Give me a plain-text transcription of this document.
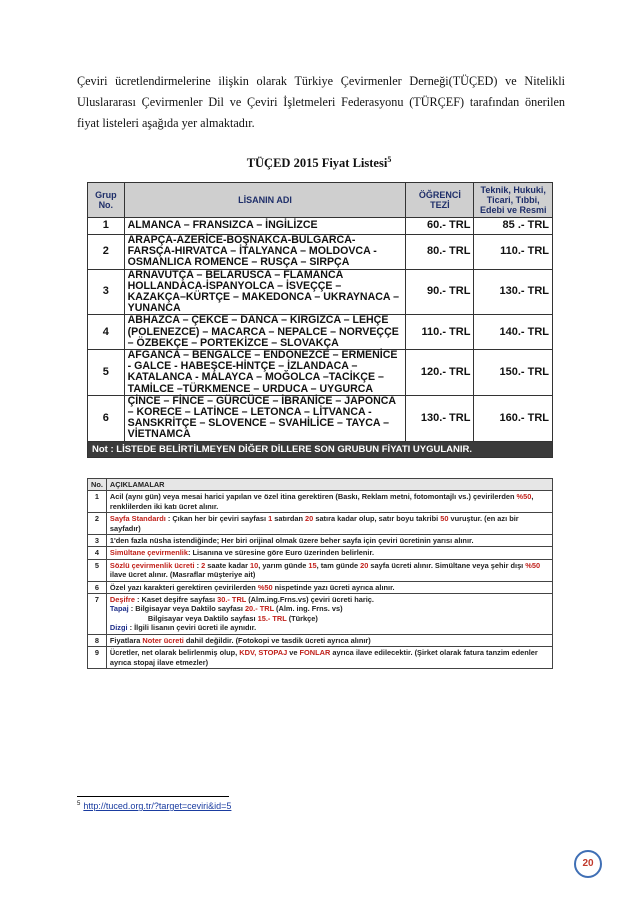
Çeviri ücretlendirmelerine ilişkin olarak Türkiye Çevirmenler Derneği(TÜÇED) ve Nitelikli Uluslararası Çevirmenler Dil ve Çeviri İşletmeleri Federasyonu (TÜRÇEF) tarafından önerilen fiyat listeleri aşağıda yer almaktadır.
TÜÇED 2015 Fiyat Listesi$^5$
Grup No.	LİSANIN ADI	ÖĞRENCİ TEZİ	Teknik, Hukuki, Ticari, Tıbbi, Edebi ve Resmi
1	ALMANCA – FRANSIZCA – İNGİLİZCE	60.- TRL	85 .- TRL
2	ARAPÇA-AZERİCE-BOŞNAKCA-BULGARCA-FARSÇA-HIRVATCA – İTALYANCA – MOLDOVCA - OSMANLICA ROMENCE – RUSÇA – SIRPÇA	80.- TRL	110.- TRL
3	ARNAVUTÇA – BELARUSCA – FLAMANCA HOLLANDACA-İSPANYOLCA – İSVEÇÇE – KAZAKÇA–KÜRTÇE – MAKEDONCA – UKRAYNACA – YUNANCA	90.- TRL	130.- TRL
4	ABHAZCA – ÇEKCE – DANCA – KIRGIZCA – LEHÇE (POLENEZCE) – MACARCA – NEPALCE – NORVEÇÇE – ÖZBEKÇE – PORTEKİZCE – SLOVAKÇA	110.- TRL	140.- TRL
5	AFGANCA – BENGALCE – ENDONEZCE – ERMENİCE - GALCE - HABEŞCE-HİNTÇE – İZLANDACA – KATALANCA - MALAYCA – MOĞOLCA –TACİKÇE – TAMİLCE –TÜRKMENCE – URDUCA – UYGURCA	120.- TRL	150.- TRL
6	ÇİNCE – FİNCE – GÜRCÜCE – İBRANİCE – JAPONCA – KORECE – LATİNCE – LETONCA – LİTVANCA - SANSKRİTÇE – SLOVENCE – SVAHİLİCE – TAYCA – VİETNAMCA	130.- TRL	160.- TRL
Not : LİSTEDE BELİRTİLMEYEN DİĞER DİLLERE SON GRUBUN FİYATI UYGULANIR.			
No.	AÇIKLAMALAR
1	Acil (aynı gün) veya mesai harici yapılan ve özel itina gerektiren (Baskı, Reklam metni, fotomontajlı vs.) çevirilerden %50, renklilerden iki katı ücret alınır.
2	Sayfa Standardı : Çıkan her bir çeviri sayfası 1 satırdan 20 satıra kadar olup, satır boyu takribi 50 vuruştur. (en azı bir sayfadır)
3	1'den fazla nüsha istendiğinde; Her biri orijinal olmak üzere beher sayfa için çeviri ücretinin yarısı alınır.
4	Simültane çevirmenlik: Lisanına ve süresine göre Euro üzerinden belirlenir.
5	Sözlü çevirmenlik ücreti : 2 saate kadar 10, yarım günde 15, tam günde 20 sayfa ücreti alınır. Simültane veya şehir dışı %50 ilave ücret alınır. (Masraflar müşteriye ait)
6	Özel yazı karakteri gerektiren çevirilerden %50 nispetinde yazı ücreti ayrıca alınır.
7	Deşifre : Kaset deşifre sayfası 30.- TRL (Alm.ing.Frns.vs) çeviri ücreti hariç.
Tapaj : Bilgisayar veya Daktilo sayfası 20.- TRL (Alm. ing. Frns. vs)
Bilgisayar veya Daktilo sayfası 15.- TRL (Türkçe)
Dizgi : İlgili lisanın çeviri ücreti ile aynıdır.

8	Fiyatlara Noter ücreti dahil değildir. (Fotokopi ve tasdik ücreti ayrıca alınır)
9	Ücretler, net olarak belirlenmiş olup, KDV, STOPAJ ve FONLAR ayrıca ilave edilecektir. (Şirket olarak fatura tanzim edenler ayrıca stopaj ilave etmezler)
$^5$ http://tuced.org.tr/?target=ceviri&id=5
20
